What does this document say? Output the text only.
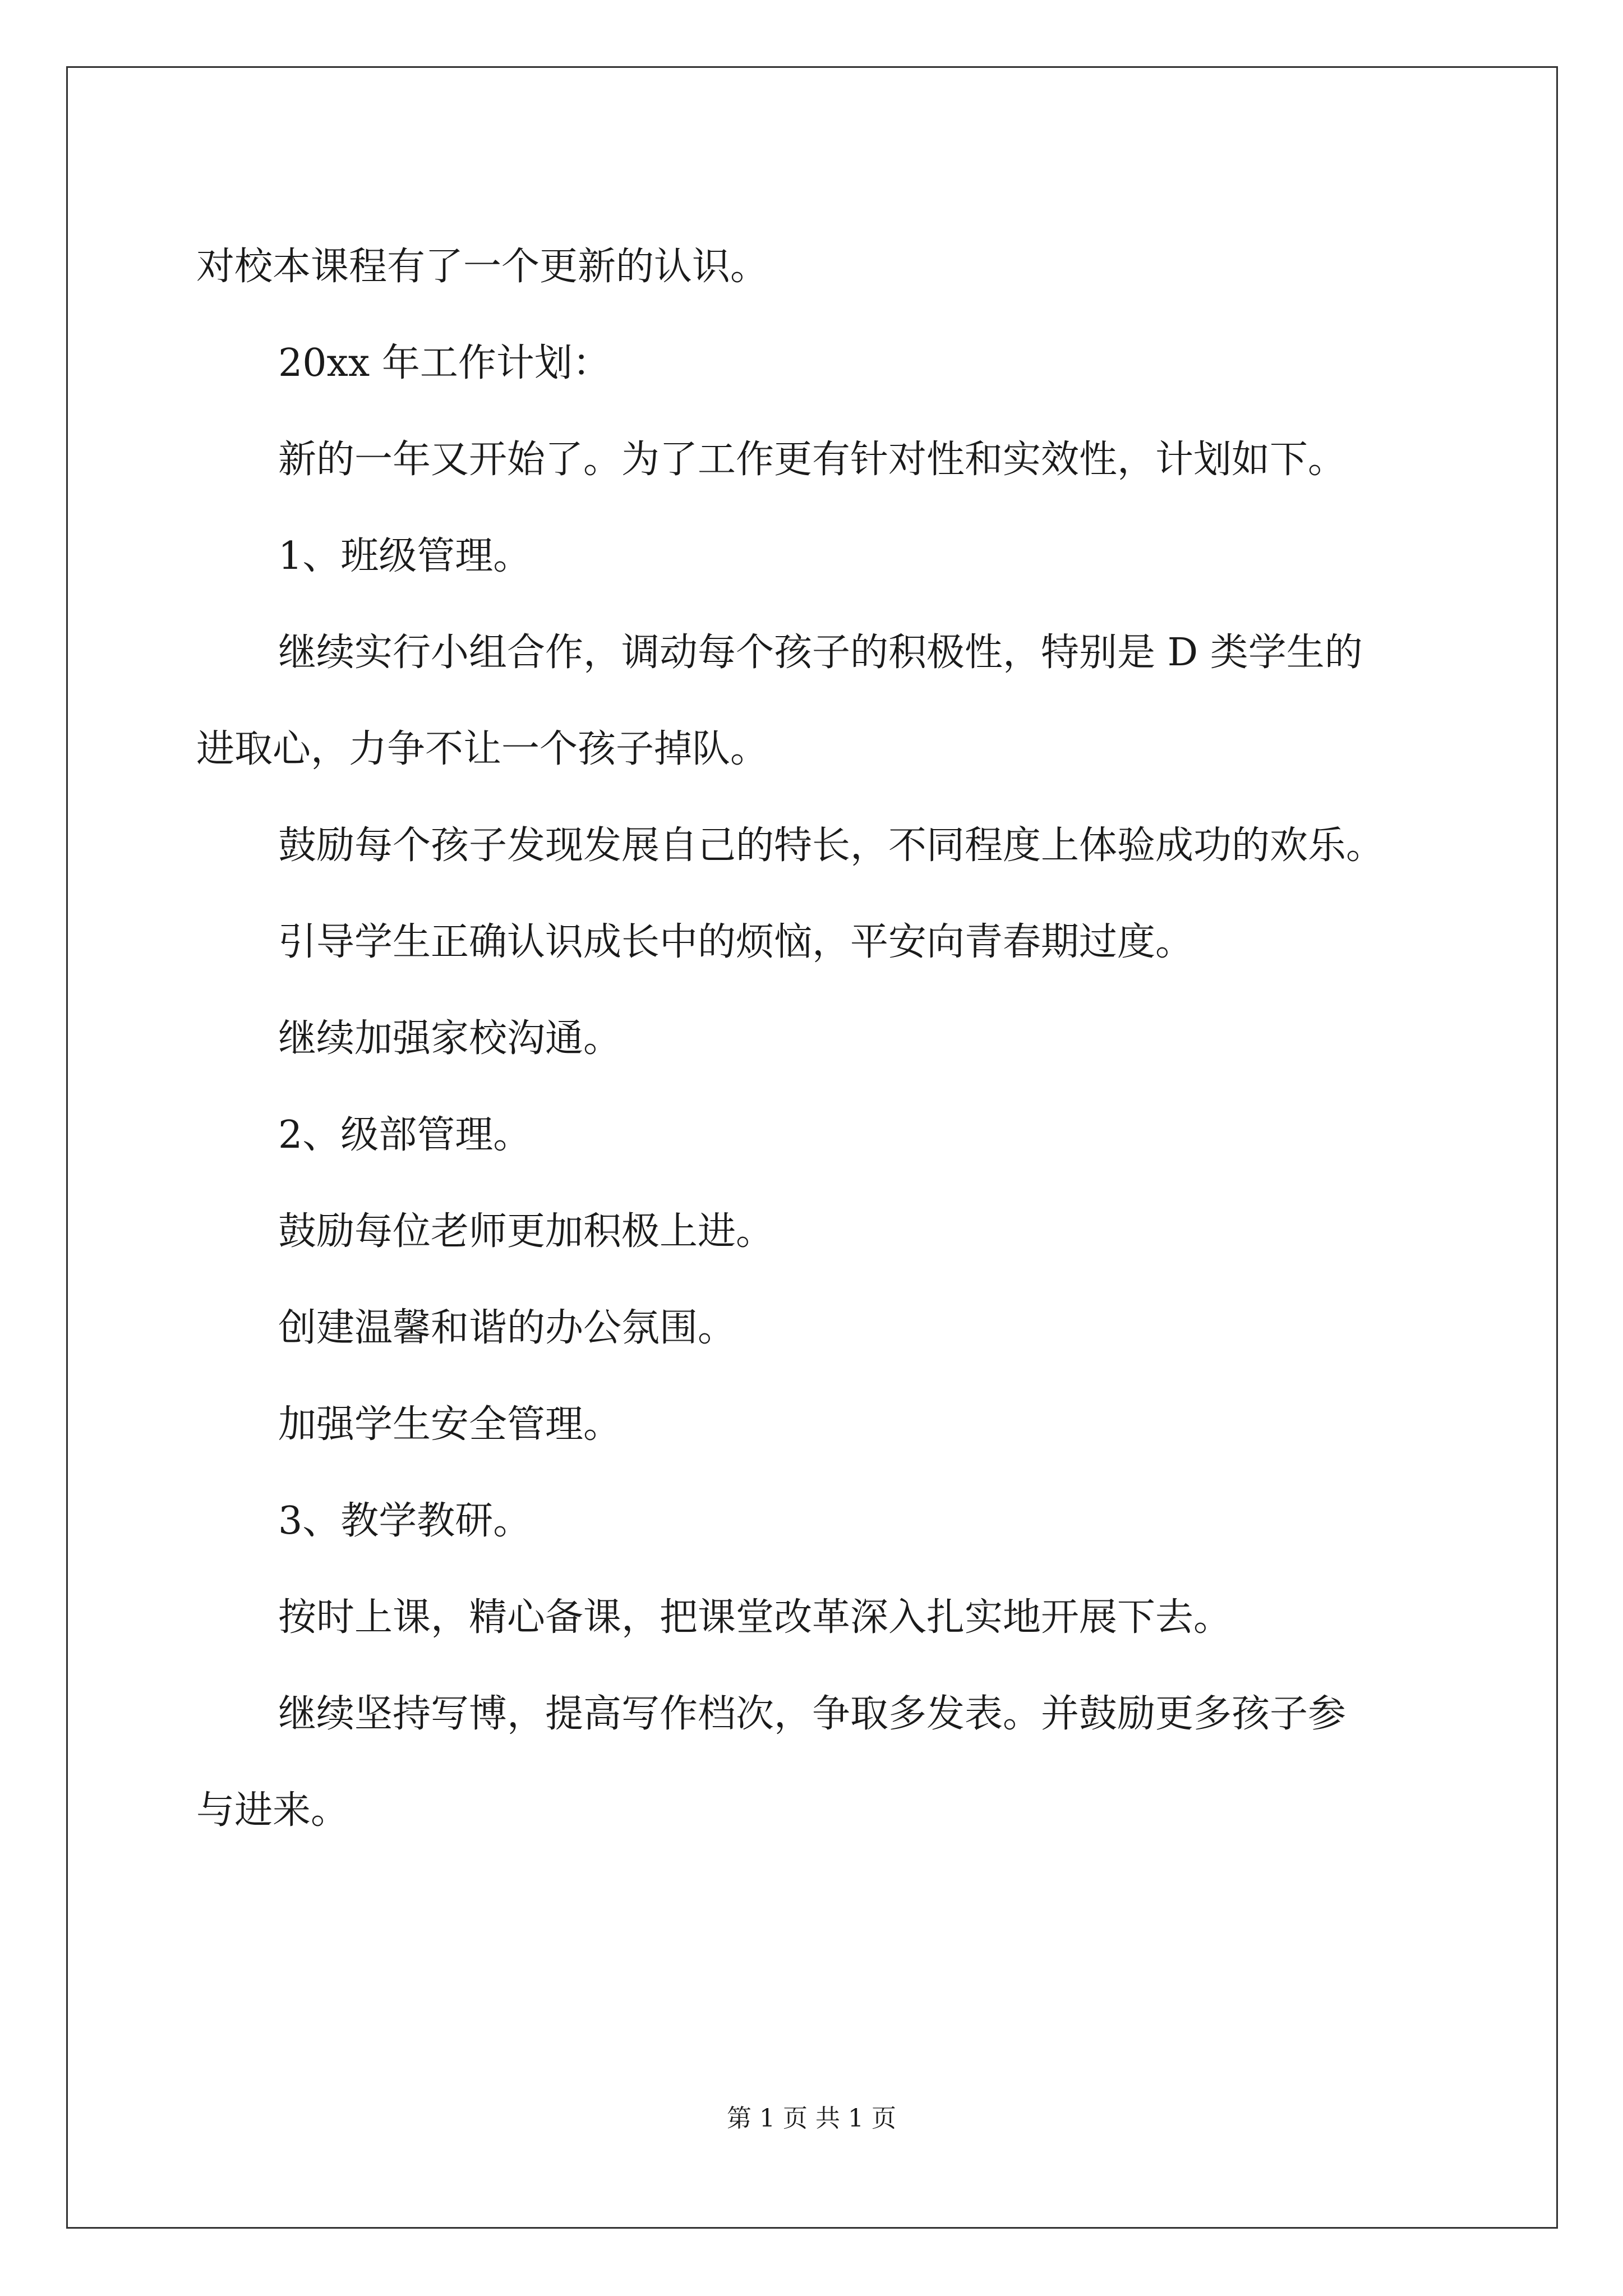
对校本课程有了一个更新的认识。

20xx 年工作计划：

新的一年又开始了。为了工作更有针对性和实效性，计划如下。

1、班级管理。

继续实行小组合作，调动每个孩子的积极性，特别是 D 类学生的

进取心，力争不让一个孩子掉队。

鼓励每个孩子发现发展自己的特长，不同程度上体验成功的欢乐。

引导学生正确认识成长中的烦恼，平安向青春期过度。

继续加强家校沟通。

2、级部管理。

鼓励每位老师更加积极上进。

创建温馨和谐的办公氛围。

加强学生安全管理。

3、教学教研。

按时上课，精心备课，把课堂改革深入扎实地开展下去。

继续坚持写博，提高写作档次，争取多发表。并鼓励更多孩子参

与进来。

第 1 页 共 1 页
